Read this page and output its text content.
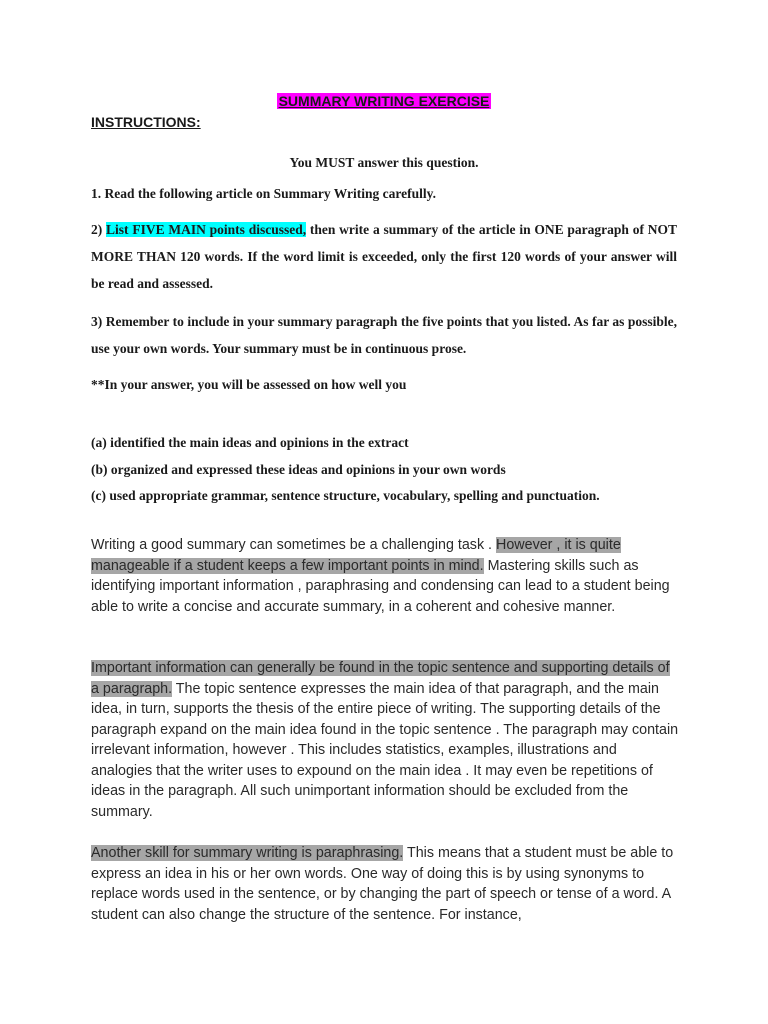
SUMMARY WRITING EXERCISE
INSTRUCTIONS:
You MUST answer this question.
1. Read the following article on Summary Writing carefully.
2) List FIVE MAIN points discussed, then write a summary of the article in ONE paragraph of NOT MORE THAN 120 words. If the word limit is exceeded, only the first 120 words of your answer will be read and assessed.
3) Remember to include in your summary paragraph the five points that you listed. As far as possible, use your own words. Your summary must be in continuous prose.
**In your answer, you will be assessed on how well you
(a) identified the main ideas and opinions in the extract
(b) organized and expressed these ideas and opinions in your own words
(c) used appropriate grammar, sentence structure, vocabulary, spelling and punctuation.
Writing a good summary can sometimes be a challenging task . However , it is quite manageable if a student keeps a few important points in mind. Mastering skills such as identifying important information , paraphrasing and condensing can lead to a student being able to write a concise and accurate summary, in a coherent and cohesive manner.
Important information can generally be found in the topic sentence and supporting details of a paragraph. The topic sentence expresses the main idea of that paragraph, and the main idea, in turn, supports the thesis of the entire piece of writing. The supporting details of the paragraph expand on the main idea found in the topic sentence . The paragraph may contain irrelevant information, however . This includes statistics, examples, illustrations and analogies that the writer uses to expound on the main idea . It may even be repetitions of ideas in the paragraph. All such unimportant information should be excluded from the summary.
Another skill for summary writing is paraphrasing. This means that a student must be able to express an idea in his or her own words. One way of doing this is by using synonyms to replace words used in the sentence, or by changing the part of speech or tense of a word. A student can also change the structure of the sentence. For instance,
